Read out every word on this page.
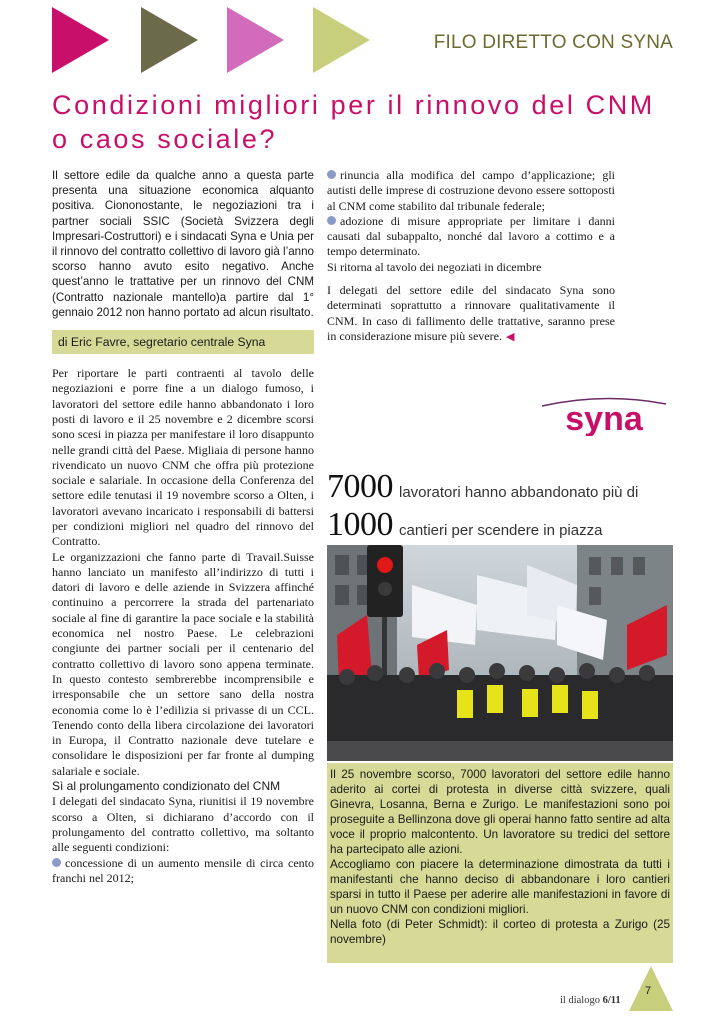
FILO DIRETTO CON SYNA
Condizioni migliori per il rinnovo del CNM
o caos sociale?

Il settore edile da qualche anno a questa parte presenta una situazione economica alquanto positiva. Ciononostante, le negoziazioni tra i partner sociali SSIC (Società Svizzera degli Impresari-Costruttori) e i sindacati Syna e Unia per il rinnovo del contratto collettivo di lavoro già l’anno scorso hanno avuto esito negativo. Anche quest’anno le trattative per un rinnovo del CNM (Contratto nazionale mantello)a partire dal 1° gennaio 2012 non hanno portato ad alcun risultato.

di Eric Favre, segretario centrale Syna

Per riportare le parti contraenti al tavolo delle negoziazioni e porre fine a un dialogo fumoso, i lavoratori del settore edile hanno abbandonato i loro posti di lavoro e il 25 novembre e 2 dicembre scorsi sono scesi in piazza per manifestare il loro disappunto nelle grandi città del Paese. Migliaia di persone hanno rivendicato un nuovo CNM che offra più protezione sociale e salariale. In occasione della Conferenza del settore edile tenutasi il 19 novembre scorso a Olten, i lavoratori avevano incaricato i responsabili di battersi per condizioni migliori nel quadro del rinnovo del Contratto.

Le organizzazioni che fanno parte di Travail.Suisse hanno lanciato un manifesto all’indirizzo di tutti i datori di lavoro e delle aziende in Svizzera affinché continuino a percorrere la strada del partenariato sociale al fine di garantire la pace sociale e la stabilità economica nel nostro Paese. Le celebrazioni congiunte dei partner sociali per il centenario del contratto collettivo di lavoro sono appena terminate. In questo contesto sembrerebbe incomprensibile e irresponsabile che un settore sano della nostra economia come lo è l’edilizia si privasse di un CCL. Tenendo conto della libera circolazione dei lavoratori in Europa, il Contratto nazionale deve tutelare e consolidare le disposizioni per far fronte al dumping salariale e sociale.

Sì al prolungamento condizionato del CNM

I delegati del sindacato Syna, riunitisi il 19 novembre scorso a Olten, si dichiarano d’accordo con il prolungamento del contratto collettivo, ma soltanto alle seguenti condizioni:

concessione di un aumento mensile di circa cento franchi nel 2012;

rinuncia alla modifica del campo d’applicazione; gli autisti delle imprese di costruzione devono essere sottoposti al CNM come stabilito dal tribunale federale;

adozione di misure appropriate per limitare i danni causati dal subappalto, nonché dal lavoro a cottimo e a tempo determinato.

Si ritorna al tavolo dei negoziati in dicembre

I delegati del settore edile del sindacato Syna sono determinati soprattutto a rinnovare qualitativamente il CNM. In caso di fallimento delle trattative, saranno prese in considerazione misure più severe. ◀

syna
7000 lavoratori hanno abbandonato più di
1000 cantieri per scendere in piazza

Il 25 novembre scorso, 7000 lavoratori del settore edile hanno aderito ai cortei di protesta in diverse città svizzere, quali Ginevra, Losanna, Berna e Zurigo. Le manifestazioni sono poi proseguite a Bellinzona dove gli operai hanno fatto sentire ad alta voce il proprio malcontento. Un lavoratore su tredici del settore ha partecipato alle azioni.

Accogliamo con piacere la determinazione dimostrata da tutti i manifestanti che hanno deciso di abbandonare i loro cantieri sparsi in tutto il Paese per aderire alle manifestazioni in favore di un nuovo CNM con condizioni migliori.

Nella foto (di Peter Schmidt): il corteo di protesta a Zurigo (25 novembre)

7
il dialogo 6/11
